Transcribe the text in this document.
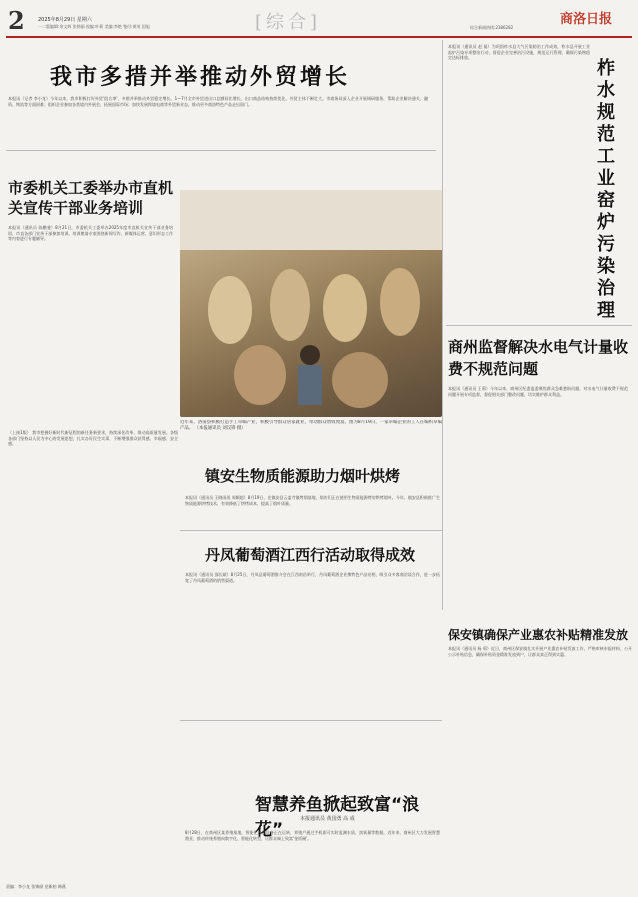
2	2025年8月29日 星期六
一二版编辑:余文辉 张锦丽 视编:叶莉 美编:李艳 签付:黄英 国旭	[综合]	综合新闻热线:2386282
商洛日报
我市多措并举推动外贸增长
本报讯（记者 李小龙）今年以来，我市积极打好外贸'组合拳'，多措并举推动外贸稳定增长。1—7月全市外贸进出口总额同比增长，出口商品结构持续优化，外贸主体不断壮大。市商务局深入企业开展调研服务，帮助企业解决通关、融资、物流等方面困难；组织企业参加各类境内外展会，拓展国际市场；加快发展跨境电商等外贸新业态，推动更多商洛特色产品走出国门。
本报讯（通讯员 赵 磊）为巩固柞水县大气污染防治工作成效，柞水县开展工业窑炉污染专项整治行动，督促企业完善治污设施，规范运行管理，确保污染物稳定达标排放。
柞水规范工业窑炉污染治理
市委机关工委举办市直机关宣传干部业务培训
本报讯（通讯员 陈鹏斐）8月21日，市委机关工委举办2025年度市直机关宣传干部业务培训，市直各部门宣传干部参加培训。培训邀请专家围绕新闻写作、新媒体运营、意识形态工作等内容进行专题辅导。
（上接1版） 我市把握好新时代新征程的新任务新要求，持续深化改革，推动高质量发展。各级各部门坚持以人民为中心的发展思想，扎实办好民生实事，不断增强群众获得感、幸福感、安全感。
近年来，洛南县积极打造手工草编产业，积极引导群众居家就业，带动群众增收致富。图为8月19日，一家草编企业的工人在编织草编产品。 （本报通讯员 刘汉锋 摄）
商州监督解决水电气计量收费不规范问题
本报讯（通讯员 王莉）今年以来，商州区纪委监委聚焦群众急难愁盼问题，对水电气计量收费不规范问题开展专项监督，督促相关部门整改问题，切实维护群众利益。
镇安生物质能源助力烟叶烘烤
本报讯（通讯员 王晓雨叔 周顺超）8月19日，在镇安县云盖寺镇烤烟基地，烟农们正在使用生物质能源烤房烘烤烟叶。今年，镇安县积极推广生物质能源烘烤技术，有效降低了烘烤成本，提高了烟叶质量。
丹凤葡萄酒江西行活动取得成效
本报讯（通讯员 邵长斌）8月25日，丹凤县葡萄酒推介会在江西南昌举行，丹凤葡萄酒企业携特色产品亮相，吸引众多客商洽谈合作，进一步拓宽了丹凤葡萄酒的销售渠道。
保安镇确保产业惠农补贴精准发放
本报讯（通讯员 杨 莉）近日，商州区保安镇扎实开展产业惠农补贴发放工作，严格审核申报材料，公开公示补贴信息，确保补贴资金精准发放到户，让群众真正得到实惠。
智慧养鱼掀起致富“浪花”
本报通讯员 黄国勇 高 成
8月28日，在商州区某养殖基地，智能化养鱼设备正在运转，养殖户通过手机即可实时监测水质、溶氧量等数据。近年来，商州区大力发展智慧渔业，推动传统养殖向数字化、智能化转型，让群众端上致富'金饭碗'。
责编：李小龙 张锦丽 党新柏 韩燕
